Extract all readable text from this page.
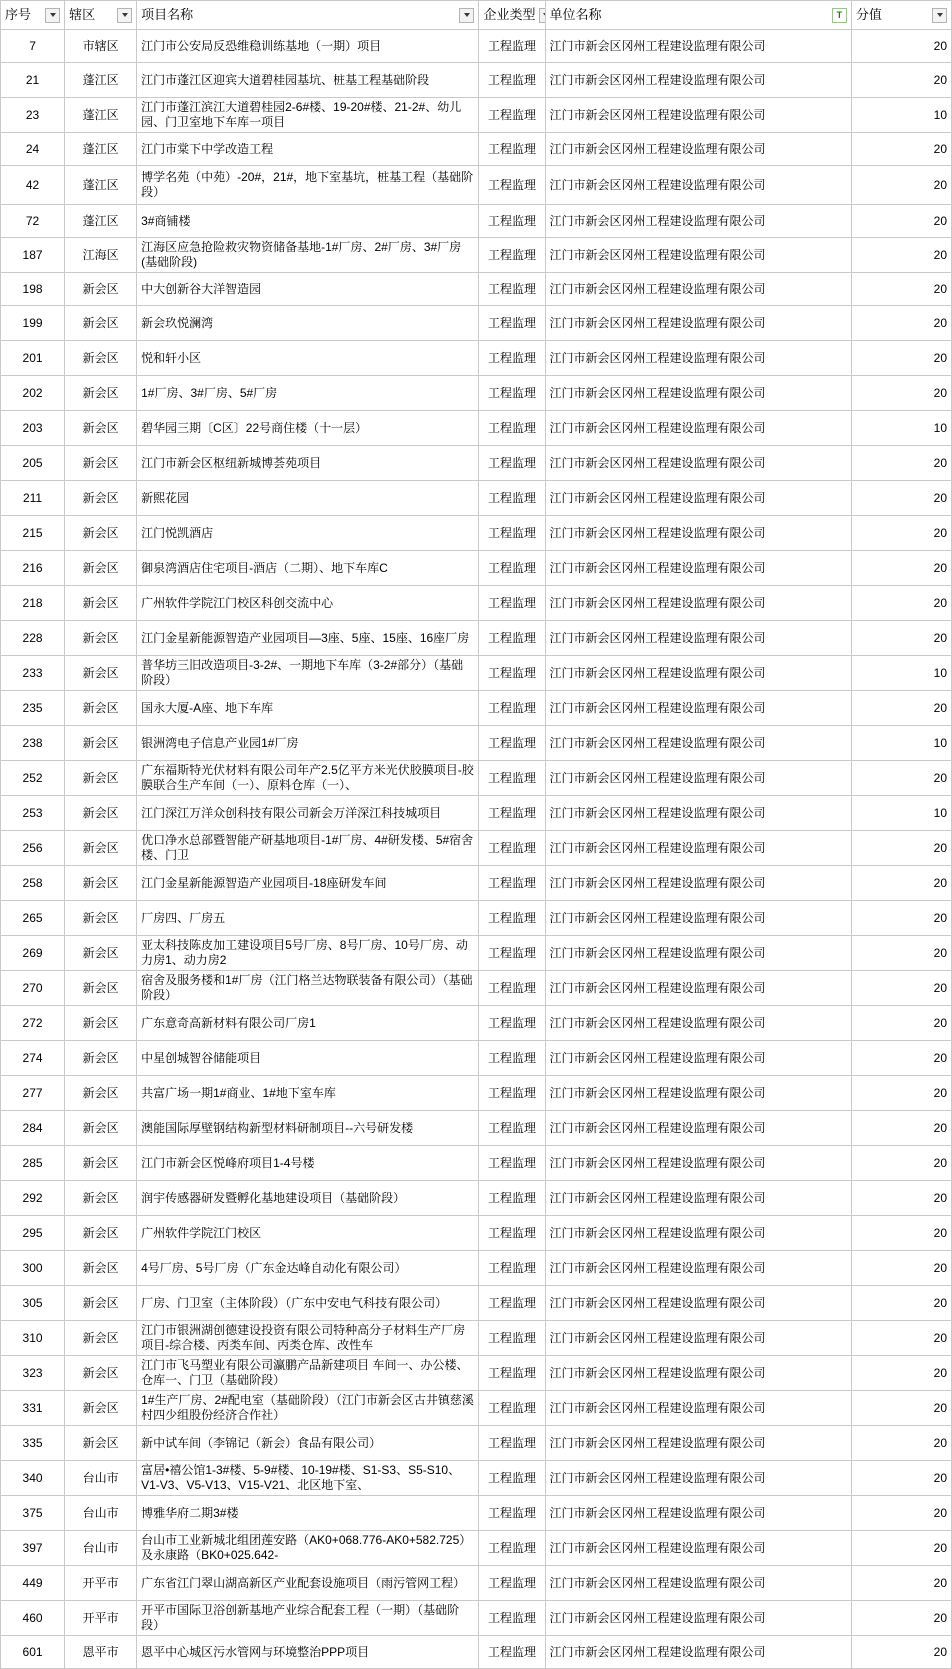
序号	辖区	项目名称	企业类型	单位名称 T	分值

7	市辖区	江门市公安局反恐维稳训练基地（一期）项目	工程监理	江门市新会区冈州工程建设监理有限公司	20
21	蓬江区	江门市蓬江区迎宾大道碧桂园基坑、桩基工程基础阶段	工程监理	江门市新会区冈州工程建设监理有限公司	20
23	蓬江区	江门市蓬江滨江大道碧桂园2-6#楼、19-20#楼、21-2#、幼儿园、门卫室地下车库一项目	工程监理	江门市新会区冈州工程建设监理有限公司	10
24	蓬江区	江门市棠下中学改造工程	工程监理	江门市新会区冈州工程建设监理有限公司	20
42	蓬江区	博学名苑（中苑）-20#，21#，地下室基坑，桩基工程（基础阶段）	工程监理	江门市新会区冈州工程建设监理有限公司	20
72	蓬江区	3#商铺楼	工程监理	江门市新会区冈州工程建设监理有限公司	20
187	江海区	江海区应急抢险救灾物资储备基地-1#厂房、2#厂房、3#厂房(基础阶段)	工程监理	江门市新会区冈州工程建设监理有限公司	20
198	新会区	中大创新谷大洋智造园	工程监理	江门市新会区冈州工程建设监理有限公司	20
199	新会区	新会玖悦澜湾	工程监理	江门市新会区冈州工程建设监理有限公司	20
201	新会区	悦和轩小区	工程监理	江门市新会区冈州工程建设监理有限公司	20
202	新会区	1#厂房、3#厂房、5#厂房	工程监理	江门市新会区冈州工程建设监理有限公司	20
203	新会区	碧华园三期〔C区〕22号商住楼（十一层）	工程监理	江门市新会区冈州工程建设监理有限公司	10
205	新会区	江门市新会区枢纽新城博荟苑项目	工程监理	江门市新会区冈州工程建设监理有限公司	20
211	新会区	新熙花园	工程监理	江门市新会区冈州工程建设监理有限公司	20
215	新会区	江门悦凯酒店	工程监理	江门市新会区冈州工程建设监理有限公司	20
216	新会区	御泉湾酒店住宅项目-酒店（二期）、地下车库C	工程监理	江门市新会区冈州工程建设监理有限公司	20
218	新会区	广州软件学院江门校区科创交流中心	工程监理	江门市新会区冈州工程建设监理有限公司	20
228	新会区	江门金星新能源智造产业园项目—3座、5座、15座、16座厂房	工程监理	江门市新会区冈州工程建设监理有限公司	20
233	新会区	普华坊三旧改造项目-3-2#、一期地下车库（3-2#部分）（基础阶段）	工程监理	江门市新会区冈州工程建设监理有限公司	10
235	新会区	国永大厦-A座、地下车库	工程监理	江门市新会区冈州工程建设监理有限公司	20
238	新会区	银洲湾电子信息产业园1#厂房	工程监理	江门市新会区冈州工程建设监理有限公司	10
252	新会区	广东福斯特光伏材料有限公司年产2.5亿平方米光伏胶膜项目-胶膜联合生产车间（一）、原料仓库（一）、	工程监理	江门市新会区冈州工程建设监理有限公司	20
253	新会区	江门深江万洋众创科技有限公司新会万洋深江科技城项目	工程监理	江门市新会区冈州工程建设监理有限公司	10
256	新会区	优口净水总部暨智能产研基地项目-1#厂房、4#研发楼、5#宿舍楼、门卫	工程监理	江门市新会区冈州工程建设监理有限公司	20
258	新会区	江门金星新能源智造产业园项目-18座研发车间	工程监理	江门市新会区冈州工程建设监理有限公司	20
265	新会区	厂房四、厂房五	工程监理	江门市新会区冈州工程建设监理有限公司	20
269	新会区	亚太科技陈皮加工建设项目5号厂房、8号厂房、10号厂房、动力房1、动力房2	工程监理	江门市新会区冈州工程建设监理有限公司	20
270	新会区	宿舍及服务楼和1#厂房（江门格兰达物联装备有限公司）（基础阶段）	工程监理	江门市新会区冈州工程建设监理有限公司	20
272	新会区	广东意奇高新材料有限公司厂房1	工程监理	江门市新会区冈州工程建设监理有限公司	20
274	新会区	中星创城智谷储能项目	工程监理	江门市新会区冈州工程建设监理有限公司	20
277	新会区	共富广场一期1#商业、1#地下室车库	工程监理	江门市新会区冈州工程建设监理有限公司	20
284	新会区	澳能国际厚壁钢结构新型材料研制项目--六号研发楼	工程监理	江门市新会区冈州工程建设监理有限公司	20
285	新会区	江门市新会区悦峰府项目1-4号楼	工程监理	江门市新会区冈州工程建设监理有限公司	20
292	新会区	润宇传感器研发暨孵化基地建设项目（基础阶段）	工程监理	江门市新会区冈州工程建设监理有限公司	20
295	新会区	广州软件学院江门校区	工程监理	江门市新会区冈州工程建设监理有限公司	20
300	新会区	4号厂房、5号厂房（广东金达峰自动化有限公司）	工程监理	江门市新会区冈州工程建设监理有限公司	20
305	新会区	厂房、门卫室（主体阶段）（广东中安电气科技有限公司）	工程监理	江门市新会区冈州工程建设监理有限公司	20
310	新会区	江门市银洲湖创德建设投资有限公司特种高分子材料生产厂房项目-综合楼、丙类车间、丙类仓库、改性车	工程监理	江门市新会区冈州工程建设监理有限公司	20
323	新会区	江门市飞马塑业有限公司瀛鹏产品新建项目 车间一、办公楼、仓库一、门卫（基础阶段）	工程监理	江门市新会区冈州工程建设监理有限公司	20
331	新会区	1#生产厂房、2#配电室（基础阶段）（江门市新会区古井镇慈溪村四少组股份经济合作社）	工程监理	江门市新会区冈州工程建设监理有限公司	20
335	新会区	新中试车间（李锦记（新会）食品有限公司）	工程监理	江门市新会区冈州工程建设监理有限公司	20
340	台山市	富居•禧公馆1-3#楼、5-9#楼、10-19#楼、S1-S3、S5-S10、V1-V3、V5-V13、V15-V21、北区地下室、	工程监理	江门市新会区冈州工程建设监理有限公司	20
375	台山市	博雅华府二期3#楼	工程监理	江门市新会区冈州工程建设监理有限公司	20
397	台山市	台山市工业新城北组团莲安路（AK0+068.776-AK0+582.725）及永康路（BK0+025.642-	工程监理	江门市新会区冈州工程建设监理有限公司	20
449	开平市	广东省江门翠山湖高新区产业配套设施项目（雨污管网工程）	工程监理	江门市新会区冈州工程建设监理有限公司	20
460	开平市	开平市国际卫浴创新基地产业综合配套工程（一期）（基础阶段）	工程监理	江门市新会区冈州工程建设监理有限公司	20
601	恩平市	恩平中心城区污水管网与环境整治PPP项目	工程监理	江门市新会区冈州工程建设监理有限公司	20
